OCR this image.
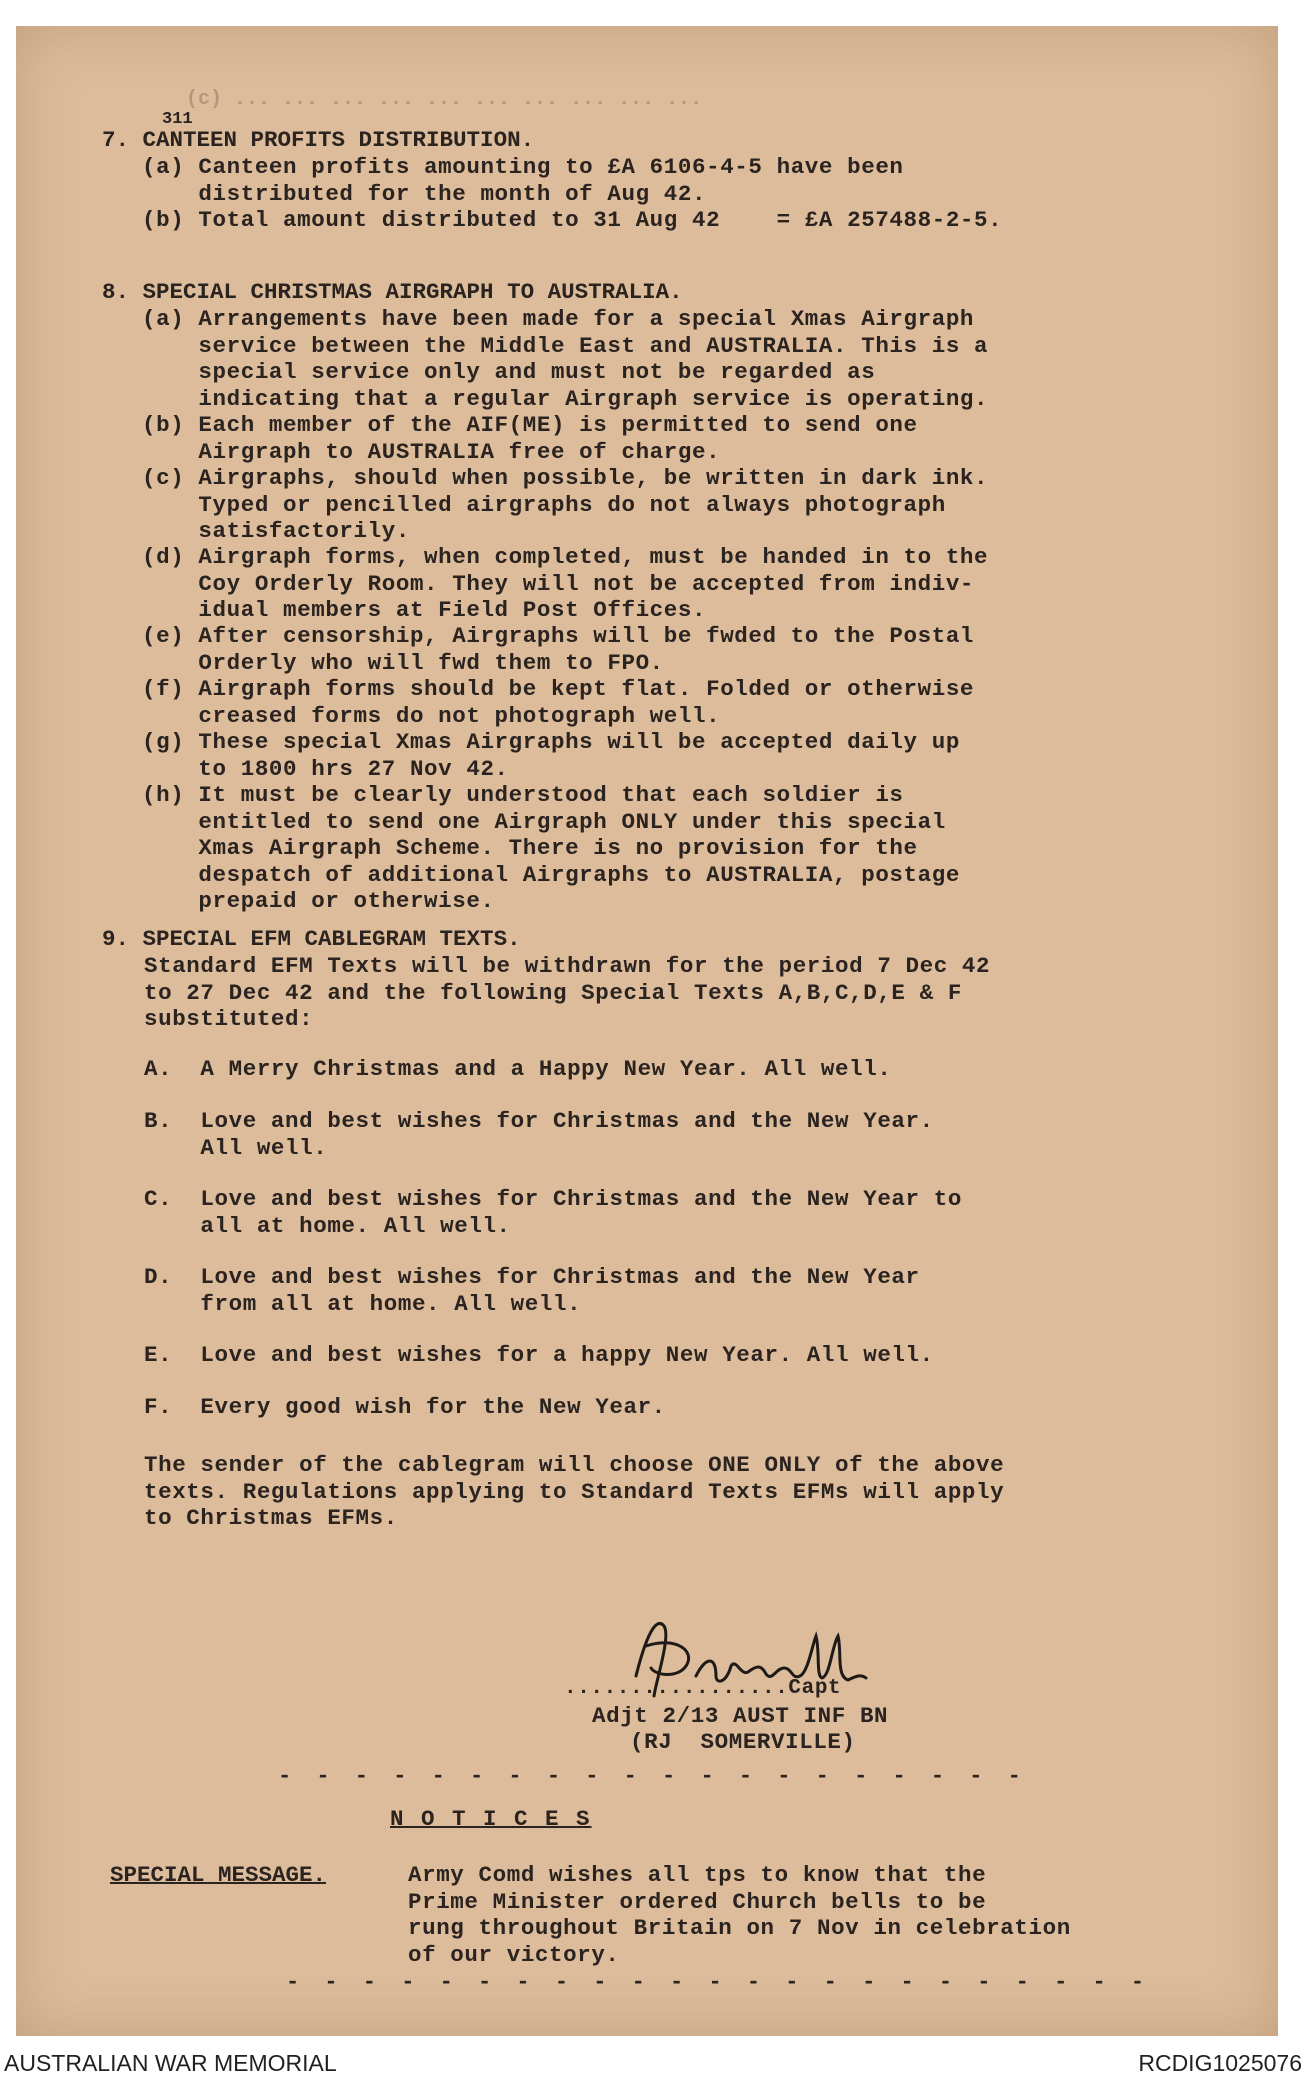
(c) ... ... ... ... ... ... ... ... ... ...
311
7. CANTEEN PROFITS DISTRIBUTION.
(a) Canteen profits amounting to £A 6106-4-5 have been
distributed for the month of Aug 42.
(b) Total amount distributed to 31 Aug 42    = £A 257488-2-5.
8. SPECIAL CHRISTMAS AIRGRAPH TO AUSTRALIA.
(a) Arrangements have been made for a special Xmas Airgraph
service between the Middle East and AUSTRALIA. This is a
special service only and must not be regarded as
indicating that a regular Airgraph service is operating.
(b) Each member of the AIF(ME) is permitted to send one
Airgraph to AUSTRALIA free of charge.
(c) Airgraphs, should when possible, be written in dark ink.
Typed or pencilled airgraphs do not always photograph
satisfactorily.
(d) Airgraph forms, when completed, must be handed in to the
Coy Orderly Room. They will not be accepted from indiv-
idual members at Field Post Offices.
(e) After censorship, Airgraphs will be fwded to the Postal
Orderly who will fwd them to FPO.
(f) Airgraph forms should be kept flat. Folded or otherwise
creased forms do not photograph well.
(g) These special Xmas Airgraphs will be accepted daily up
to 1800 hrs 27 Nov 42.
(h) It must be clearly understood that each soldier is
entitled to send one Airgraph ONLY under this special
Xmas Airgraph Scheme. There is no provision for the
despatch of additional Airgraphs to AUSTRALIA, postage
prepaid or otherwise.
9. SPECIAL EFM CABLEGRAM TEXTS.
Standard EFM Texts will be withdrawn for the period 7 Dec 42
to 27 Dec 42 and the following Special Texts A,B,C,D,E & F
substituted:
A.  A Merry Christmas and a Happy New Year. All well.
B.  Love and best wishes for Christmas and the New Year.
All well.
C.  Love and best wishes for Christmas and the New Year to
all at home. All well.
D.  Love and best wishes for Christmas and the New Year
from all at home. All well.
E.  Love and best wishes for a happy New Year. All well.
F.  Every good wish for the New Year.
The sender of the cablegram will choose ONE ONLY of the above
texts. Regulations applying to Standard Texts EFMs will apply
to Christmas EFMs.
.................Capt
Adjt 2/13 AUST INF BN
(RJ  SOMERVILLE)
- - - - - - - - - - - - - - - - - - - -
N O T I C E S
SPECIAL MESSAGE.	Army Comd wishes all tps to know that the
Prime Minister ordered Church bells to be
rung throughout Britain on 7 Nov in celebration
of our victory.
- - - - - - - - - - - - - - - - - - - - - - -
AUSTRALIAN WAR MEMORIAL	RCDIG1025076
